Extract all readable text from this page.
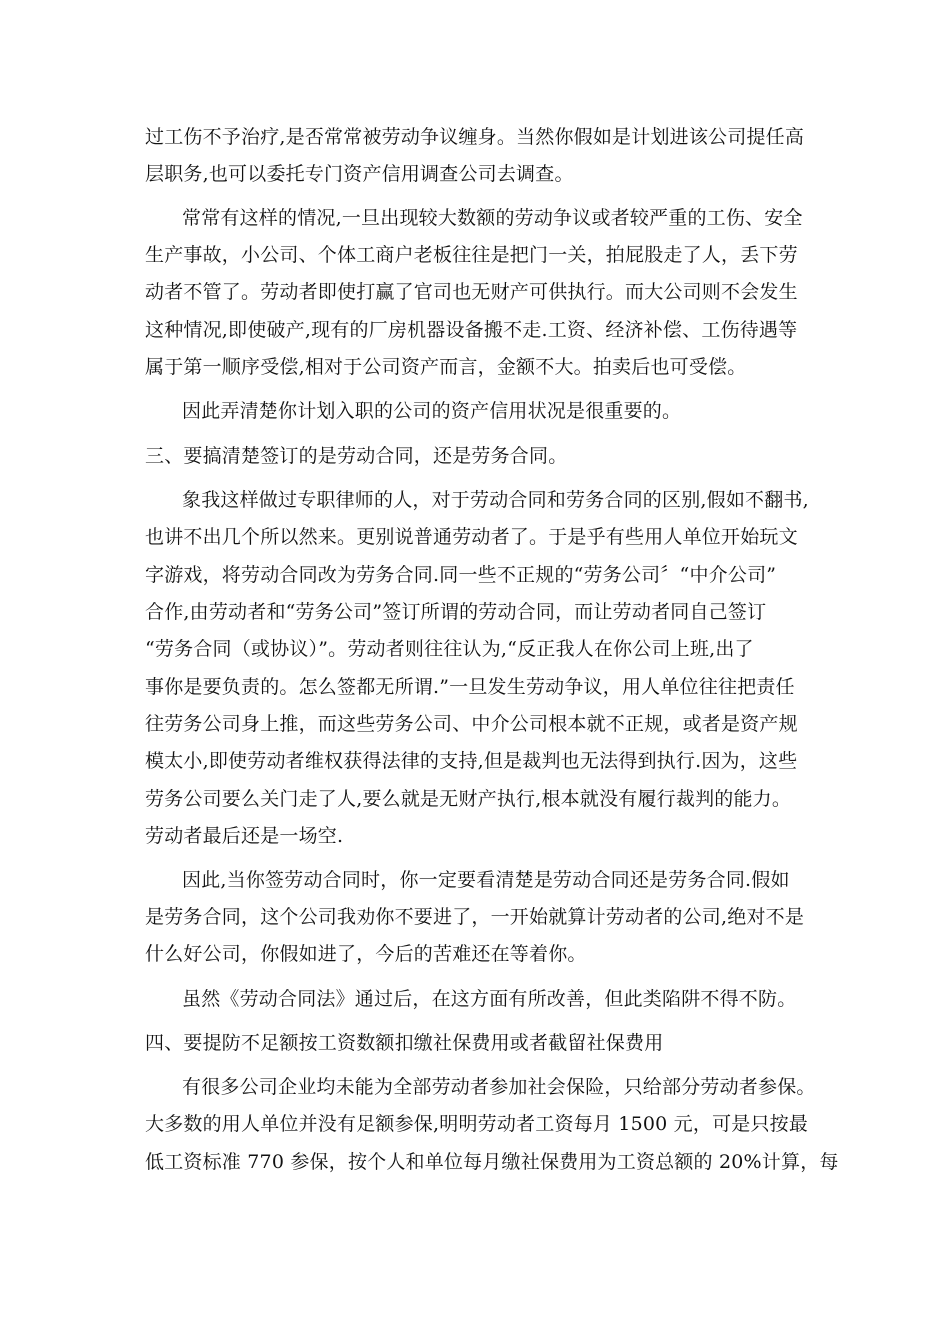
过工伤不予治疗,是否常常被劳动争议缠身。当然你假如是计划进该公司提任高
层职务,也可以委托专门资产信用调查公司去调查。
常常有这样的情况,一旦出现较大数额的劳动争议或者较严重的工伤、安全
生产事故，小公司、个体工商户老板往往是把门一关，拍屁股走了人，丢下劳
动者不管了。劳动者即使打赢了官司也无财产可供执行。而大公司则不会发生
这种情况,即使破产,现有的厂房机器设备搬不走.工资、经济补偿、工伤待遇等
属于第一顺序受偿,相对于公司资产而言，金额不大。拍卖后也可受偿。
因此弄清楚你计划入职的公司的资产信用状况是很重要的。
三、要搞清楚签订的是劳动合同，还是劳务合同。
象我这样做过专职律师的人，对于劳动合同和劳务合同的区别,假如不翻书,
也讲不出几个所以然来。更别说普通劳动者了。于是乎有些用人单位开始玩文
字游戏，将劳动合同改为劳务合同.同一些不正规的“劳务公司〞“中介公司”
合作,由劳动者和“劳务公司”签订所谓的劳动合同，而让劳动者同自己签订
“劳务合同（或协议）”。劳动者则往往认为,“反正我人在你公司上班,出了
事你是要负责的。怎么签都无所谓.”一旦发生劳动争议，用人单位往往把责任
往劳务公司身上推，而这些劳务公司、中介公司根本就不正规，或者是资产规
模太小,即使劳动者维权获得法律的支持,但是裁判也无法得到执行.因为，这些
劳务公司要么关门走了人,要么就是无财产执行,根本就没有履行裁判的能力。
劳动者最后还是一场空.
因此,当你签劳动合同时，你一定要看清楚是劳动合同还是劳务合同.假如
是劳务合同，这个公司我劝你不要进了，一开始就算计劳动者的公司,绝对不是
什么好公司，你假如进了，今后的苦难还在等着你。
虽然《劳动合同法》通过后，在这方面有所改善，但此类陷阱不得不防。
四、要提防不足额按工资数额扣缴社保费用或者截留社保费用
有很多公司企业均未能为全部劳动者参加社会保险，只给部分劳动者参保。
大多数的用人单位并没有足额参保,明明劳动者工资每月 1500 元，可是只按最
低工资标准 770 参保，按个人和单位每月缴社保费用为工资总额的 20%计算，每
